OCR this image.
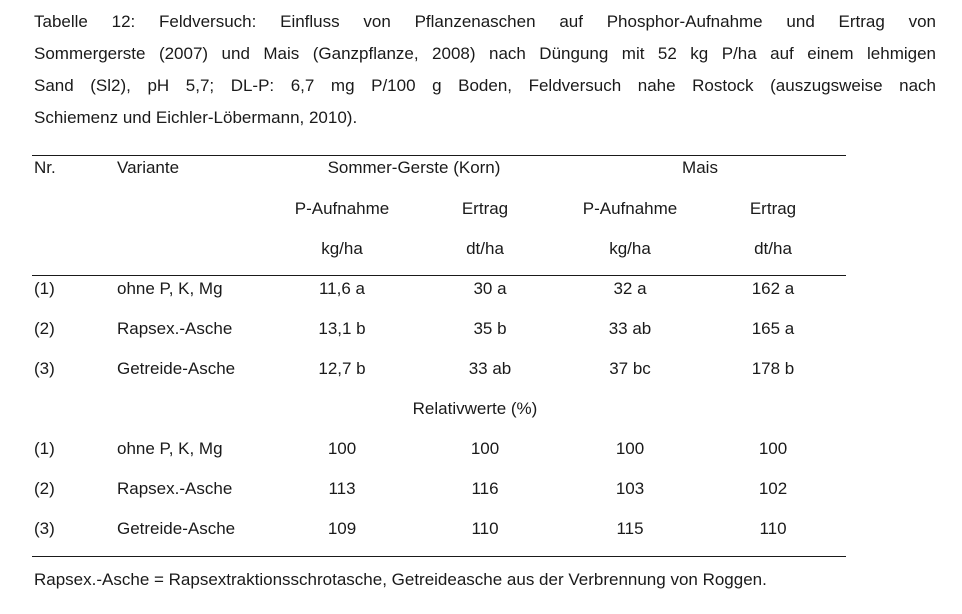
Tabelle 12: Feldversuch: Einfluss von Pflanzenaschen auf Phosphor-Aufnahme und Ertrag von
Sommergerste (2007) und Mais (Ganzpflanze, 2008) nach Düngung mit 52 kg P/ha auf einem lehmigen
Sand (Sl2), pH 5,7; DL-P: 6,7 mg P/100 g Boden, Feldversuch nahe Rostock (auszugsweise nach
Schiemenz und Eichler-Löbermann, 2010).
Nr.	Variante	Sommer-Gerste (Korn)	Mais
P-Aufnahme	Ertrag	P-Aufnahme	Ertrag
kg/ha	dt/ha	kg/ha	dt/ha
(1)	ohne P, K, Mg	11,6 a	30 a	32 a	162 a
(2)	Rapsex.-Asche	13,1 b	35 b	33 ab	165 a
(3)	Getreide-Asche	12,7 b	33 ab	37 bc	178 b
Relativwerte (%)
(1)	ohne P, K, Mg	100	100	100	100
(2)	Rapsex.-Asche	113	116	103	102
(3)	Getreide-Asche	109	110	115	110
Rapsex.-Asche = Rapsextraktionsschrotasche, Getreideasche aus der Verbrennung von Roggen.
